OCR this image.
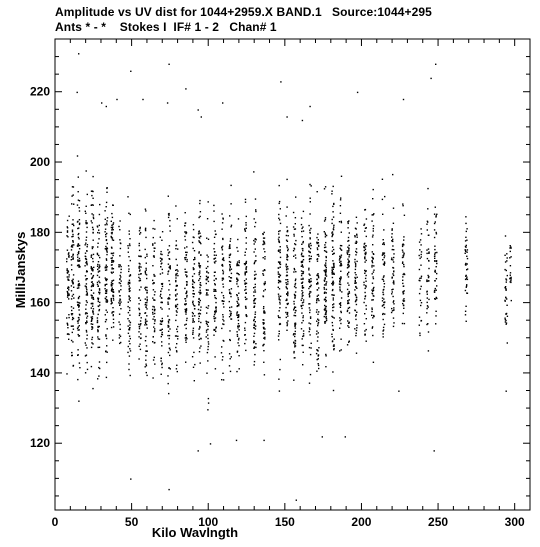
Amplitude vs UV dist for 1044+2959.X BAND.1   Source:1044+295
Ants * - *    Stokes I  IF# 1 - 2   Chan# 1
0	50	100	150	200	250	300
120
140
160
180
200
220
Kilo Wavlngth
MilliJanskys
